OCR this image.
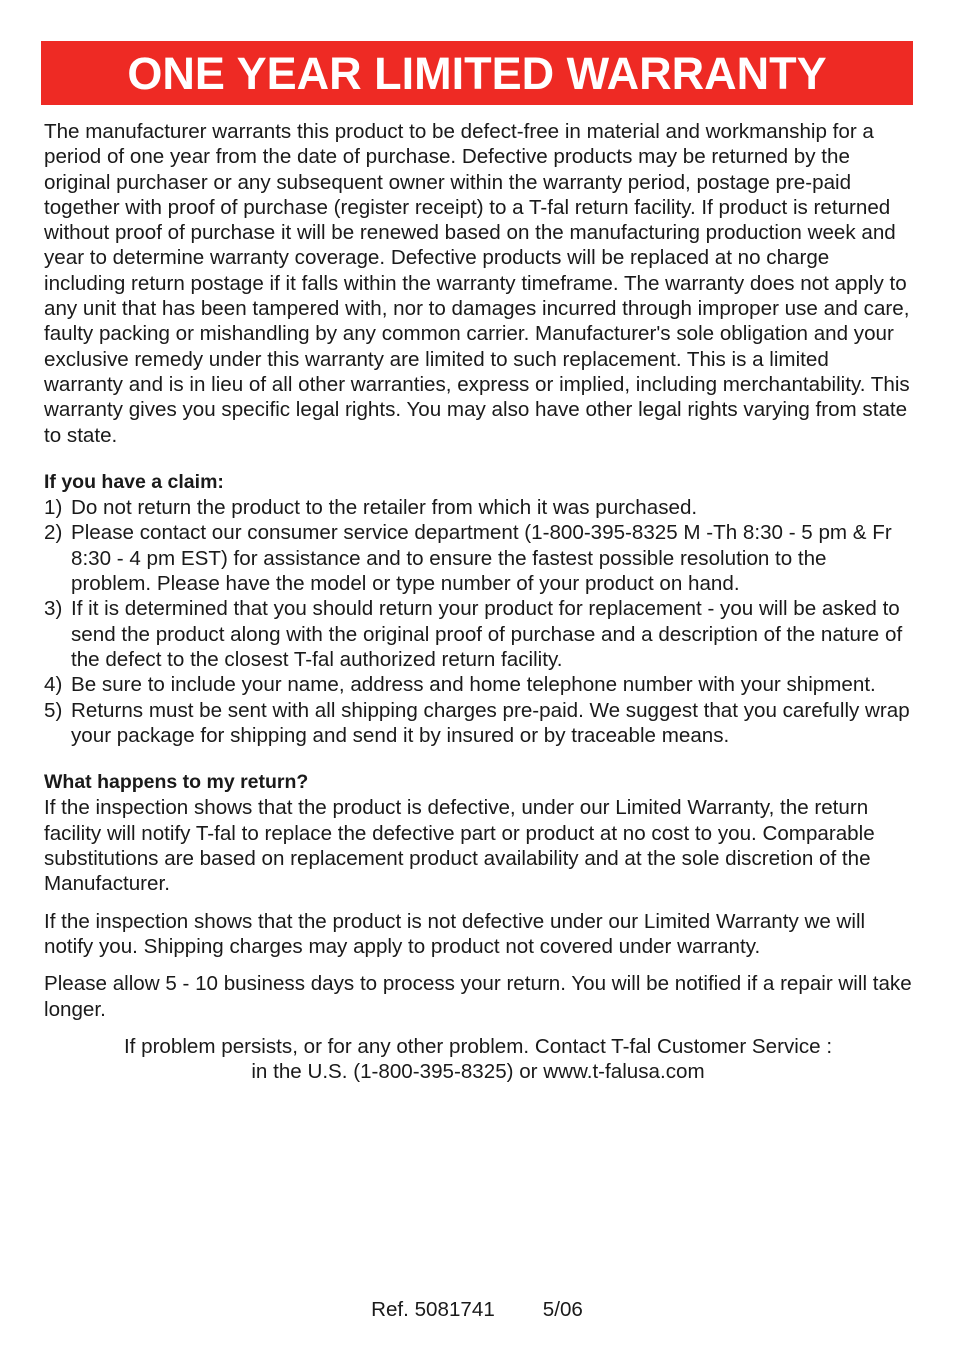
ONE YEAR LIMITED WARRANTY

The manufacturer warrants this product to be defect-free in material and workmanship for a period of one year from the date of purchase. Defective products may be returned by the original purchaser or any subsequent owner within the warranty period, postage pre-paid together with proof of purchase (register receipt) to a T-fal return facility. If product is returned without proof of purchase it will be renewed based on the manufacturing production week and year to determine warranty coverage. Defective products will be replaced at no charge including return postage if it falls within the warranty timeframe. The warranty does not apply to any unit that has been tampered with, nor to damages incurred through improper use and care, faulty packing or mishandling by any common carrier. Manufacturer's sole obligation and your exclusive remedy under this warranty are limited to such replacement. This is a limited warranty and is in lieu of all other warranties, express or implied, including merchantability. This warranty gives you specific legal rights. You may also have other legal rights varying from state to state.

If you have a claim:

1) Do not return the product to the retailer from which it was purchased.
2) Please contact our consumer service department (1-800-395-8325 M -Th 8:30 - 5 pm & Fr 8:30 - 4 pm EST) for assistance and to ensure the fastest possible resolution to the problem. Please have the model or type number of your product on hand.
3) If it is determined that you should return your product for replacement - you will be asked to send the product along with the original proof of purchase and a description of the nature of the defect to the closest T-fal authorized return facility.
4) Be sure to include your name, address and home telephone number with your shipment.
5) Returns must be sent with all shipping charges pre-paid. We suggest that you carefully wrap your package for shipping and send it by insured or by traceable means.

What happens to my return?

If the inspection shows that the product is defective, under our Limited Warranty, the return facility will notify T-fal to replace the defective part or product at no cost to you. Comparable substitutions are based on replacement product availability and at the sole discretion of the Manufacturer.

If the inspection shows that the product is not defective under our Limited Warranty we will notify you. Shipping charges may apply to product not covered under warranty.

Please allow 5 - 10 business days to process your return. You will be notified if a repair will take longer.

If problem persists, or for any other problem. Contact T-fal Customer Service :

in the U.S. (1-800-395-8325) or www.t-falusa.com

Ref. 5081741 5/06
